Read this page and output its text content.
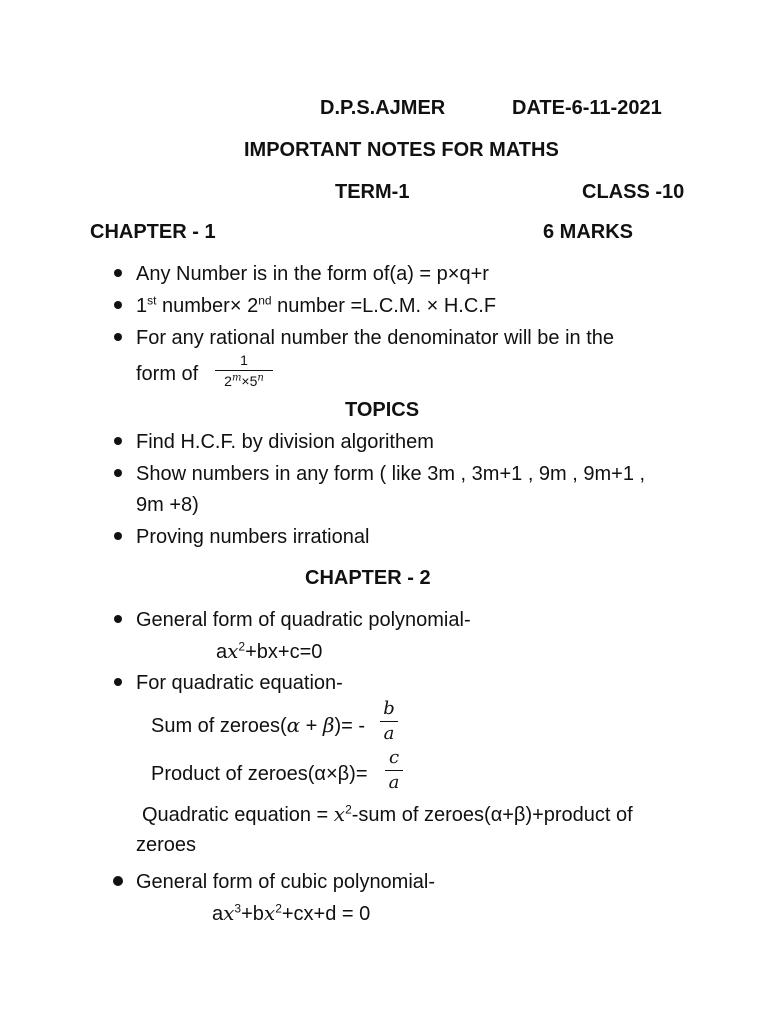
D.P.S.AJMER	DATE-6-11-2021
IMPORTANT NOTES FOR MATHS
TERM-1	CLASS -10
CHAPTER - 1	6 MARKS
Any Number is in the form of(a) = p×q+r
1st number× 2nd number =L.C.M. × H.C.F
For any rational number the denominator will be in the
form of
1
$2^m\times 5^n$
TOPICS
Find H.C.F. by division algorithem
Show numbers in any form ( like 3m , 3m+1 , 9m , 9m+1 ,
9m +8)
Proving numbers irrational
CHAPTER - 2
General form of quadratic polynomial-
$ax^2+bx+c=0$
For quadratic equation-
Sum of zeroes(α + β)= -
b
a
Product of zeroes(α×β)=
c
a
Quadratic equation = $x^2$-sum of zeroes(α+β)+product of
zeroes
General form of cubic polynomial-
$ax^3+bx^2+cx+d = 0$
